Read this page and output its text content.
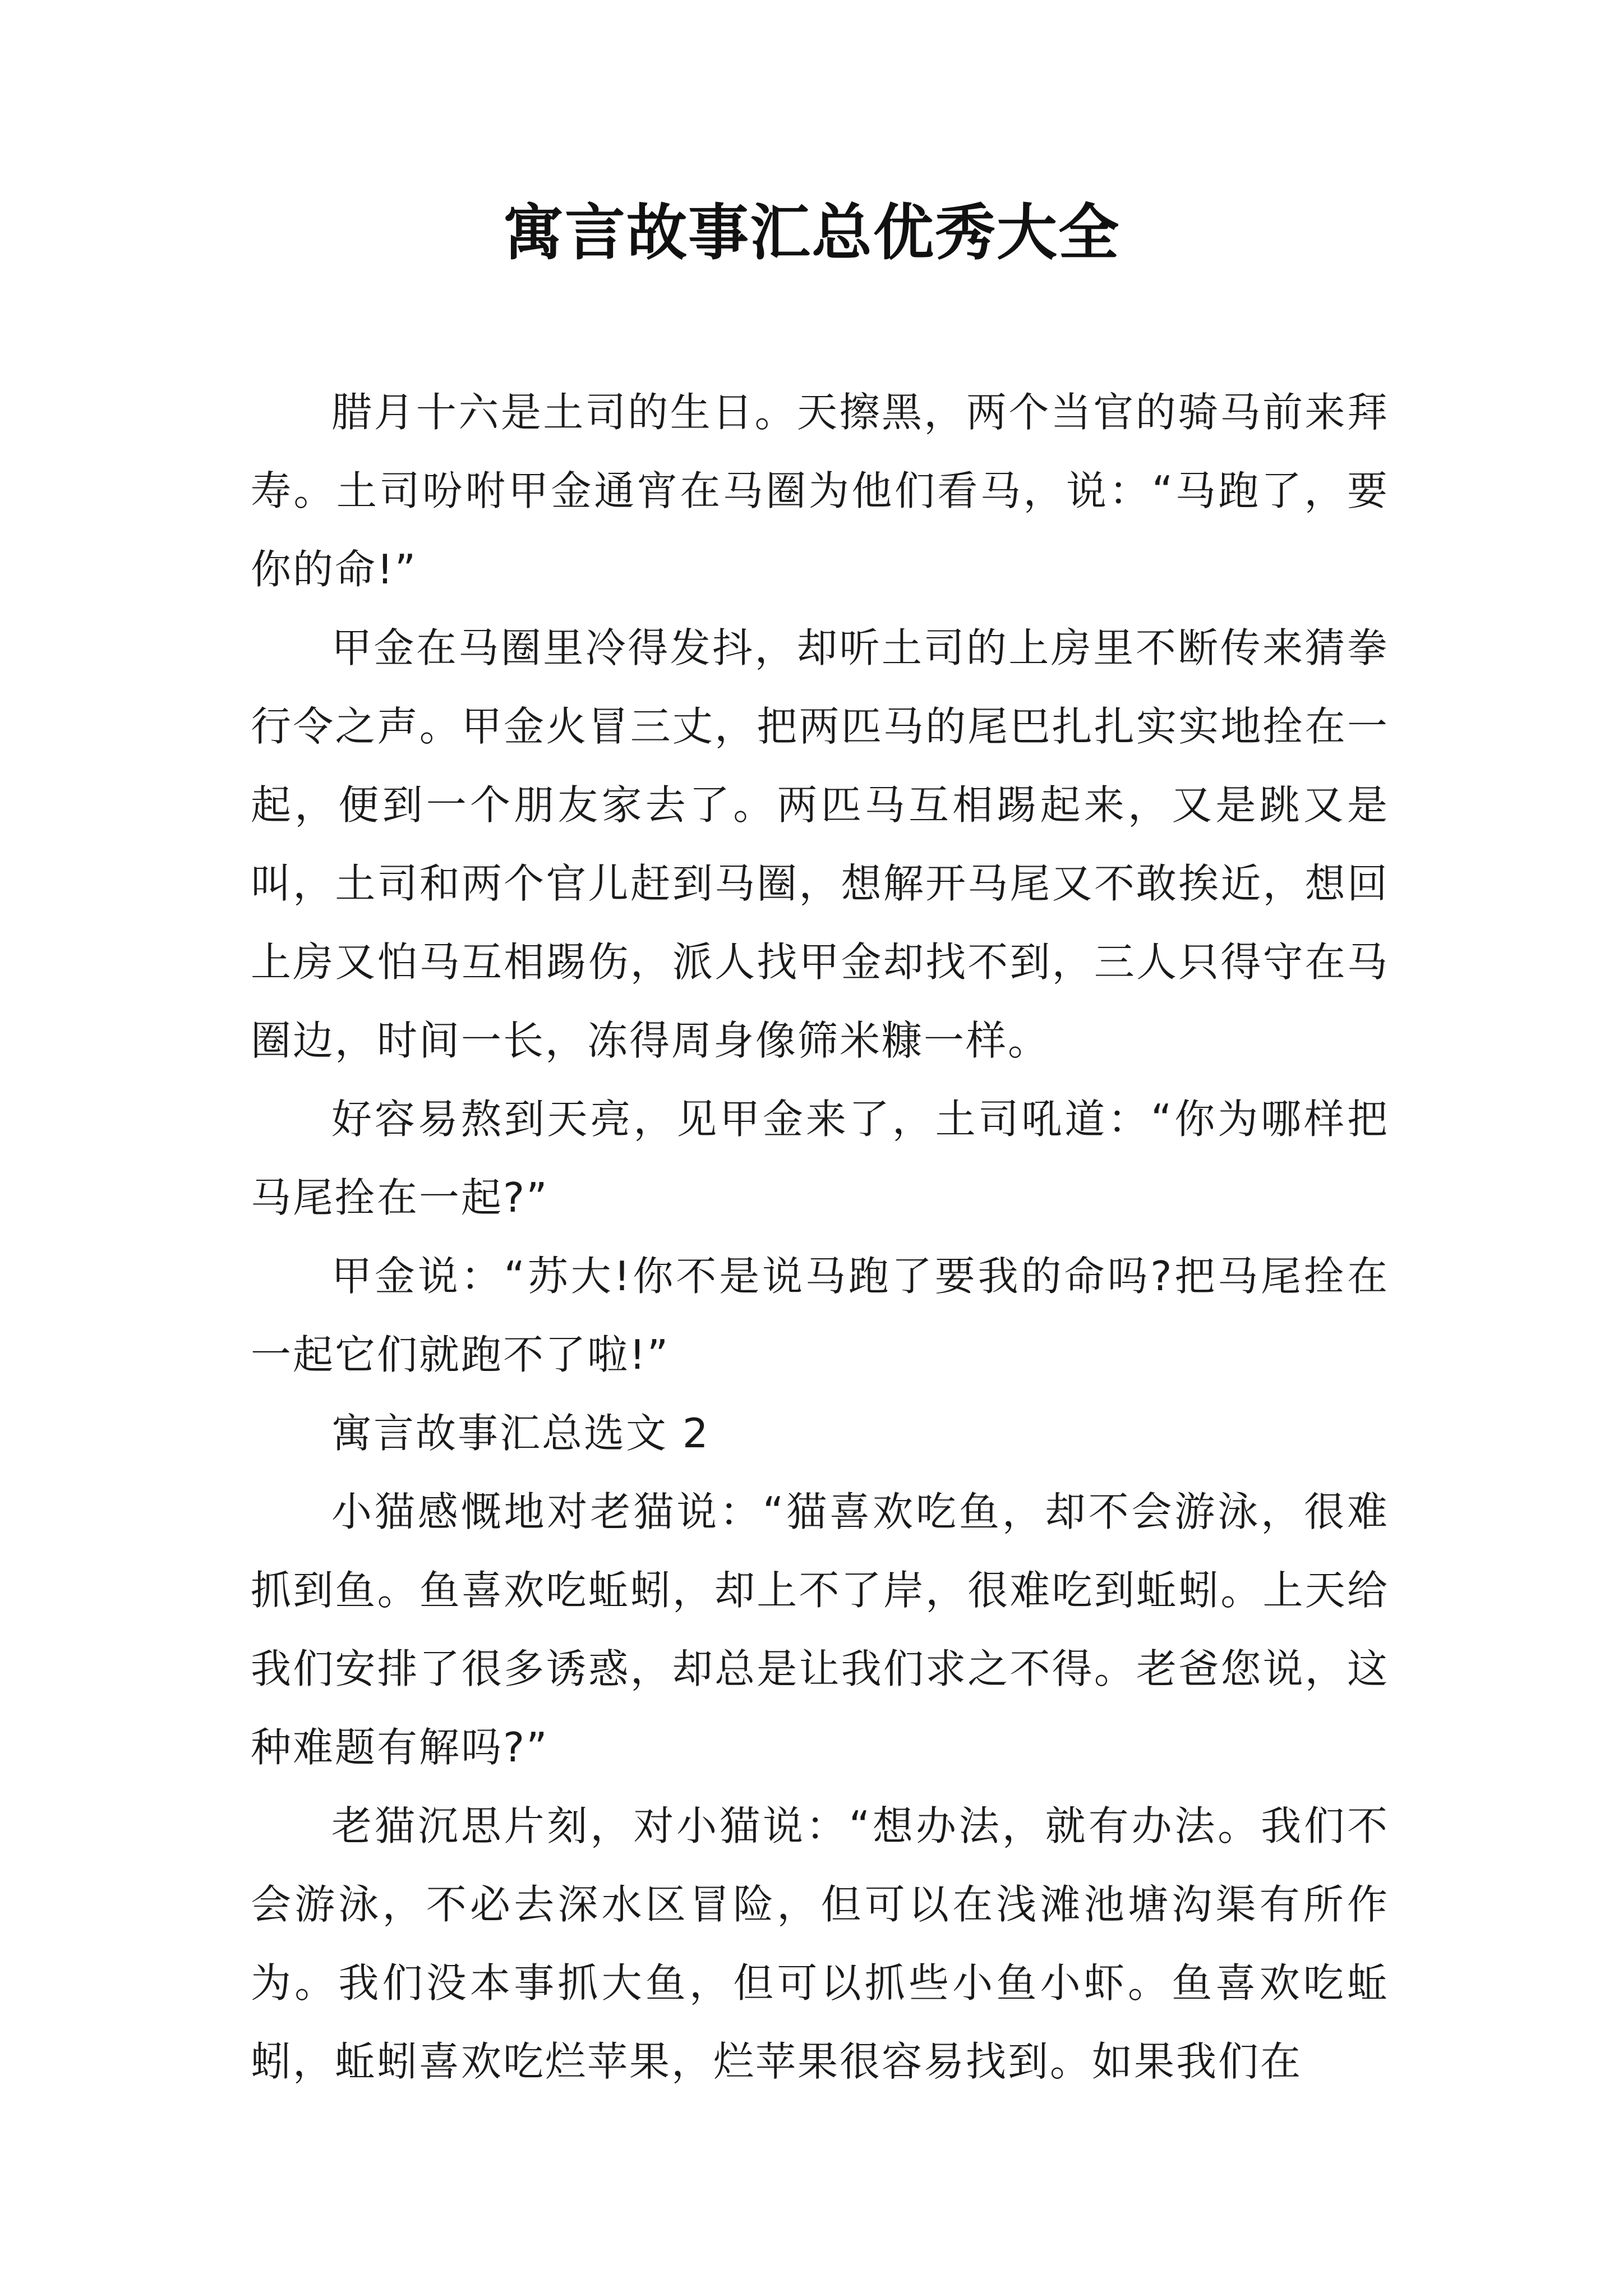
寓言故事汇总优秀大全

腊月十六是土司的生日。天擦黑，两个当官的骑马前来拜寿。土司吩咐甲金通宵在马圈为他们看马，说：“马跑了，要你的命!”

甲金在马圈里冷得发抖，却听土司的上房里不断传来猜拳行令之声。甲金火冒三丈，把两匹马的尾巴扎扎实实地拴在一起，便到一个朋友家去了。两匹马互相踢起来，又是跳又是叫，土司和两个官儿赶到马圈，想解开马尾又不敢挨近，想回上房又怕马互相踢伤，派人找甲金却找不到，三人只得守在马圈边，时间一长，冻得周身像筛米糠一样。

好容易熬到天亮，见甲金来了，土司吼道：“你为哪样把马尾拴在一起?”

甲金说：“苏大!你不是说马跑了要我的命吗?把马尾拴在一起它们就跑不了啦!”

寓言故事汇总选文 2

小猫感慨地对老猫说：“猫喜欢吃鱼，却不会游泳，很难抓到鱼。鱼喜欢吃蚯蚓，却上不了岸，很难吃到蚯蚓。上天给我们安排了很多诱惑，却总是让我们求之不得。老爸您说，这种难题有解吗?”

老猫沉思片刻，对小猫说：“想办法，就有办法。我们不会游泳，不必去深水区冒险，但可以在浅滩池塘沟渠有所作为。我们没本事抓大鱼，但可以抓些小鱼小虾。鱼喜欢吃蚯蚓，蚯蚓喜欢吃烂苹果，烂苹果很容易找到。如果我们在
